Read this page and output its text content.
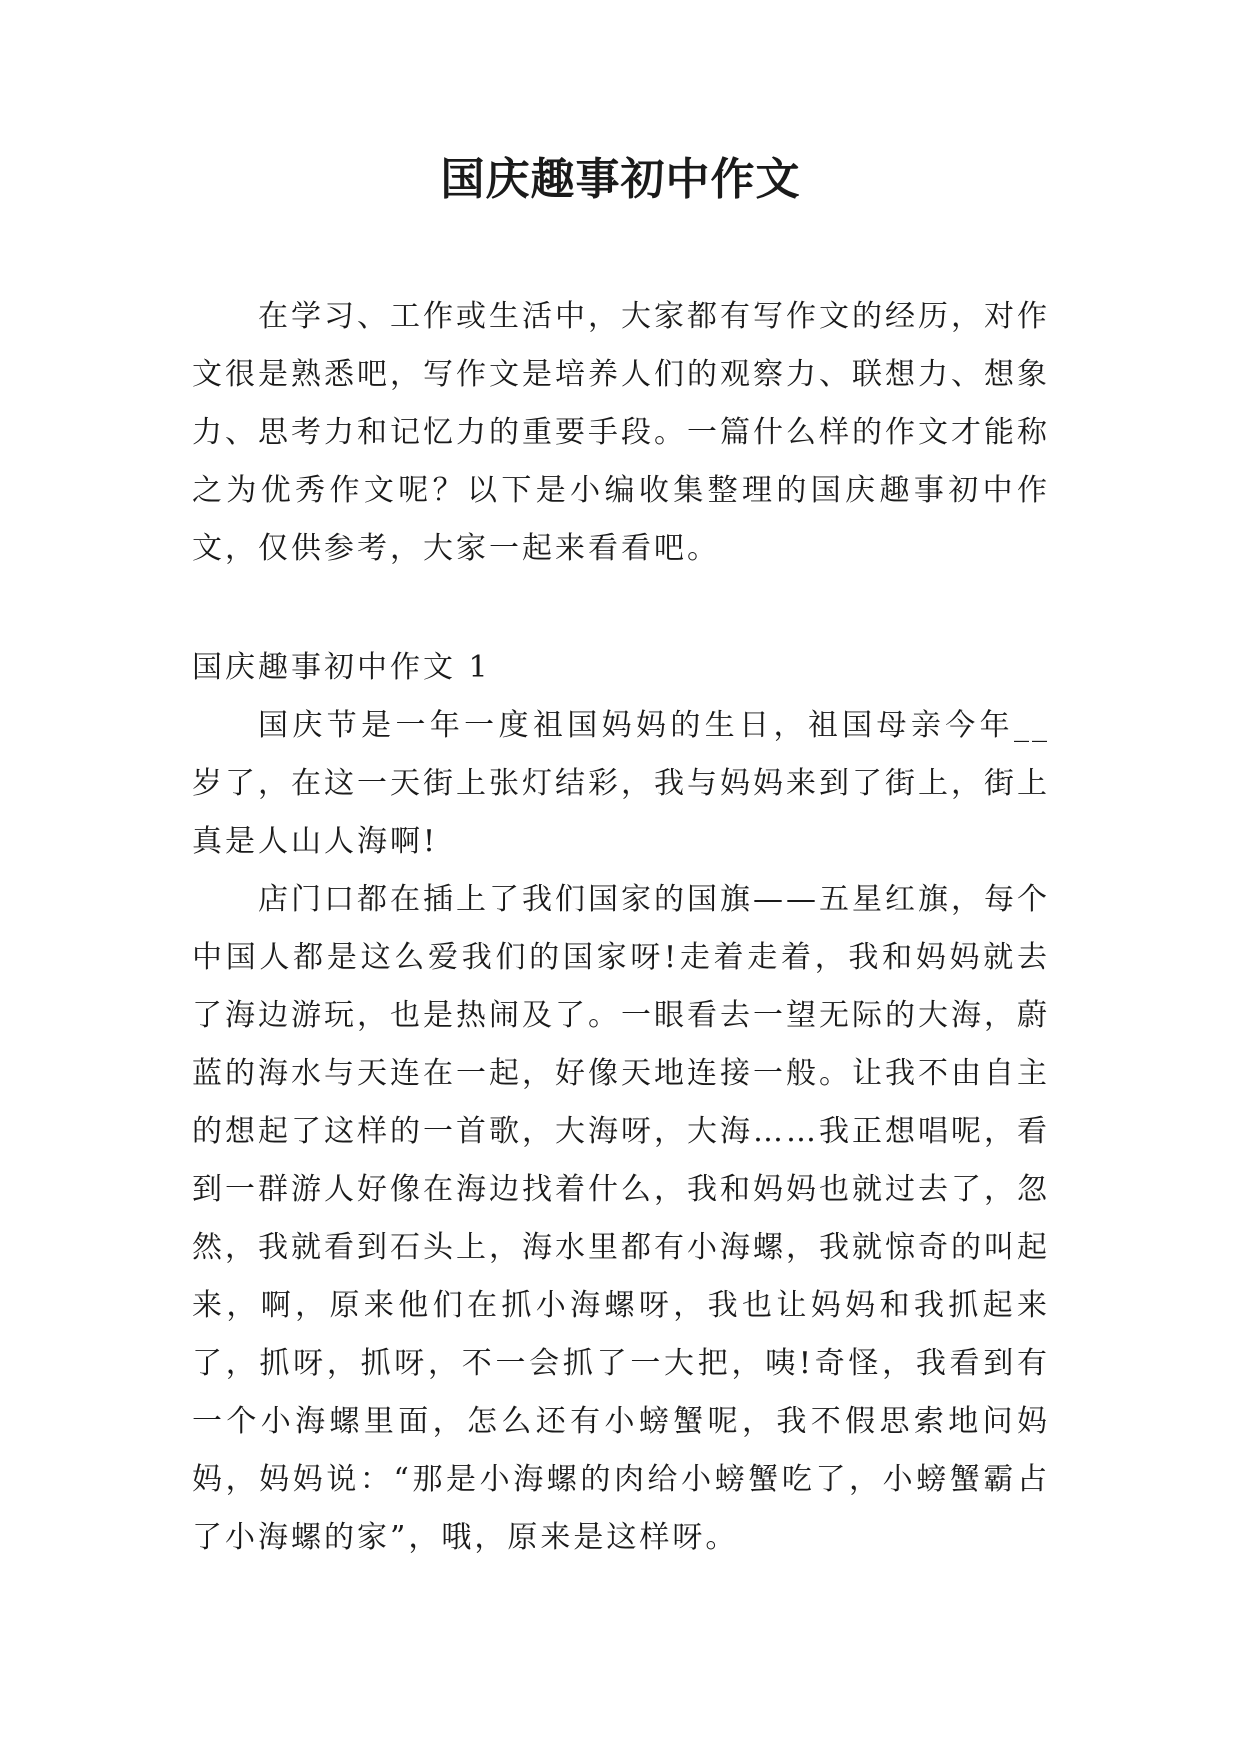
国庆趣事初中作文

在学习、工作或生活中，大家都有写作文的经历，对作文很是熟悉吧，写作文是培养人们的观察力、联想力、想象力、思考力和记忆力的重要手段。一篇什么样的作文才能称之为优秀作文呢？以下是小编收集整理的国庆趣事初中作文，仅供参考，大家一起来看看吧。

国庆趣事初中作文 1

国庆节是一年一度祖国妈妈的生日，祖国母亲今年__岁了，在这一天街上张灯结彩，我与妈妈来到了街上，街上真是人山人海啊!

店门口都在插上了我们国家的国旗——五星红旗，每个中国人都是这么爱我们的国家呀!走着走着，我和妈妈就去了海边游玩，也是热闹及了。一眼看去一望无际的大海，蔚蓝的海水与天连在一起，好像天地连接一般。让我不由自主的想起了这样的一首歌，大海呀，大海……我正想唱呢，看到一群游人好像在海边找着什么，我和妈妈也就过去了，忽然，我就看到石头上，海水里都有小海螺，我就惊奇的叫起来，啊，原来他们在抓小海螺呀，我也让妈妈和我抓起来了，抓呀，抓呀，不一会抓了一大把，咦!奇怪，我看到有一个小海螺里面，怎么还有小螃蟹呢，我不假思索地问妈妈，妈妈说：“那是小海螺的肉给小螃蟹吃了，小螃蟹霸占了小海螺的家”，哦，原来是这样呀。
